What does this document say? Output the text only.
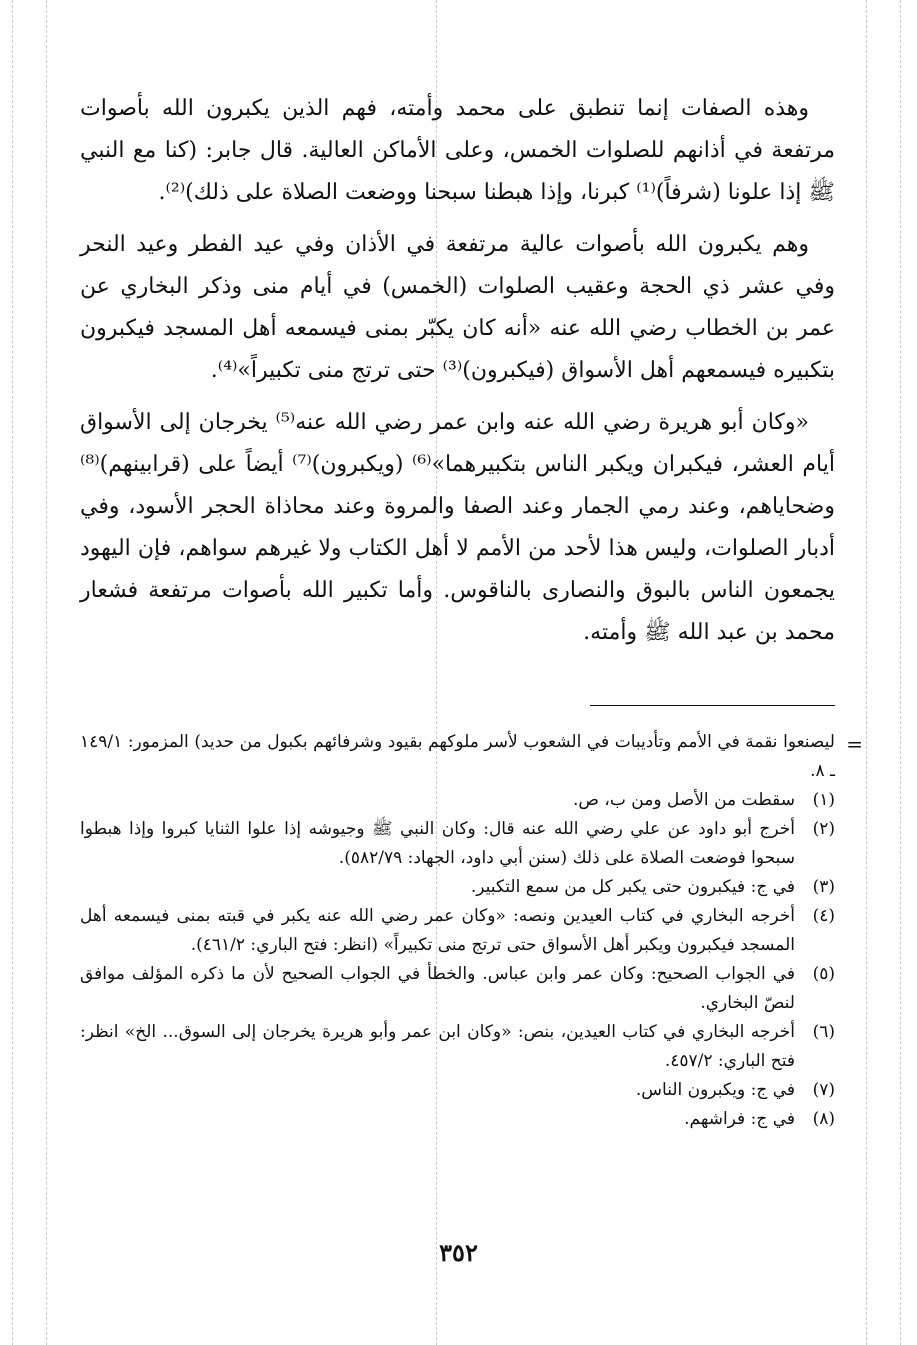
وهذه الصفات إنما تنطبق على محمد وأمته، فهم الذين يكبرون الله بأصوات مرتفعة في أذانهم للصلوات الخمس، وعلى الأماكن العالية. قال جابر: (كنا مع النبي ﷺ إذا علونا (شرفاً)⁽¹⁾ كبرنا، وإذا هبطنا سبحنا ووضعت الصلاة على ذلك)⁽²⁾.

وهم يكبرون الله بأصوات عالية مرتفعة في الأذان وفي عيد الفطر وعيد النحر وفي عشر ذي الحجة وعقيب الصلوات (الخمس) في أيام منى وذكر البخاري عن عمر بن الخطاب رضي الله عنه «أنه كان يكبّر بمنى فيسمعه أهل المسجد فيكبرون بتكبيره فيسمعهم أهل الأسواق (فيكبرون)⁽³⁾ حتى ترتج منى تكبيراً»⁽⁴⁾.

«وكان أبو هريرة رضي الله عنه وابن عمر رضي الله عنه⁽⁵⁾ يخرجان إلى الأسواق أيام العشر، فيكبران ويكبر الناس بتكبيرهما»⁽⁶⁾ (ويكبرون)⁽⁷⁾ أيضاً على (قرابينهم)⁽⁸⁾ وضحاياهم، وعند رمي الجمار وعند الصفا والمروة وعند محاذاة الحجر الأسود، وفي أدبار الصلوات، وليس هذا لأحد من الأمم لا أهل الكتاب ولا غيرهم سواهم، فإن اليهود يجمعون الناس بالبوق والنصارى بالناقوس. وأما تكبير الله بأصوات مرتفعة فشعار محمد بن عبد الله ﷺ وأمته.

=

ليصنعوا نقمة في الأمم وتأديبات في الشعوب لأسر ملوكهم بقيود وشرفائهم بكبول من حديد) المزمور: ١٤٩/١ ـ ٨.

(١)
سقطت من الأصل ومن ب، ص.
(٢)
أخرج أبو داود عن علي رضي الله عنه قال: وكان النبي ﷺ وجيوشه إذا علوا الثنايا كبروا وإذا هبطوا سبحوا فوضعت الصلاة على ذلك (سنن أبي داود، الجهاد: ٥٨٢/٧٩).
(٣)
في ج: فيكبرون حتى يكبر كل من سمع التكبير.
(٤)
أخرجه البخاري في كتاب العيدين ونصه: «وكان عمر رضي الله عنه يكبر في قبته بمنى فيسمعه أهل المسجد فيكبرون ويكبر أهل الأسواق حتى ترتج منى تكبيراً» (انظر: فتح الباري: ٤٦١/٢).
(٥)
في الجواب الصحيح: وكان عمر وابن عباس. والخطأ في الجواب الصحيح لأن ما ذكره المؤلف موافق لنصّ البخاري.
(٦)
أخرجه البخاري في كتاب العيدين، بنص: «وكان ابن عمر وأبو هريرة يخرجان إلى السوق... الخ» انظر: فتح الباري: ٤٥٧/٢.
(٧)
في ج: ويكبرون الناس.
(٨)
في ج: فراشهم.
٣٥٢
